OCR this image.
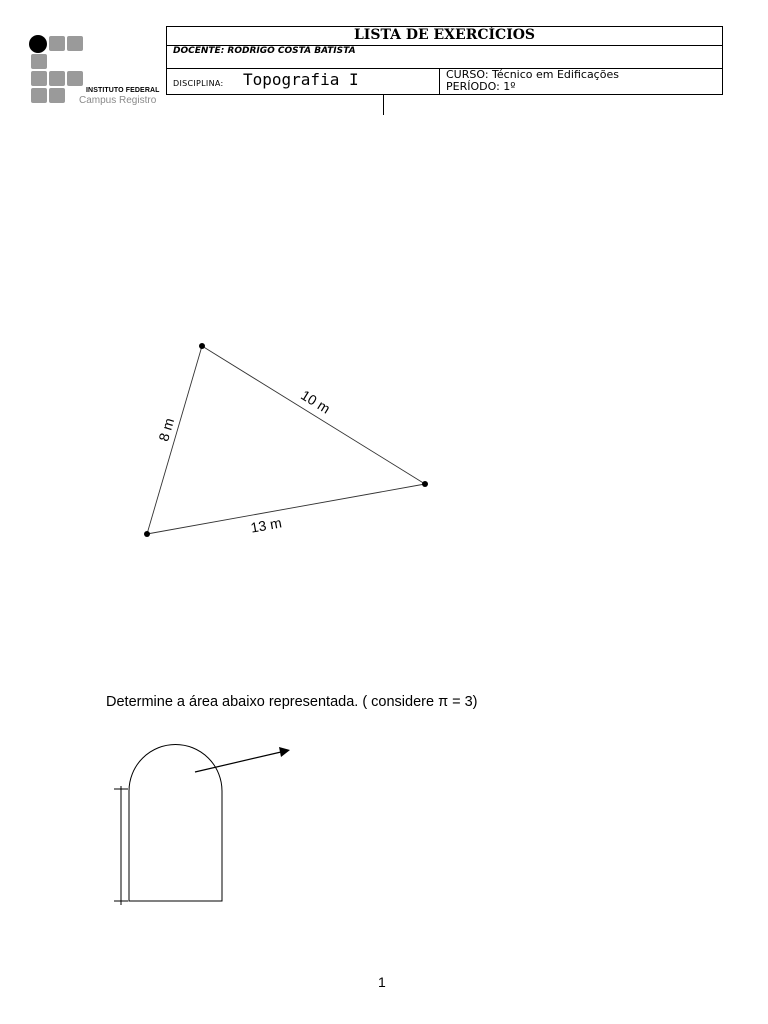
INSTITUTO FEDERAL
Campus Registro
LISTA DE EXERCÍCIOS
DOCENTE: RODRIGO COSTA BATISTA
DISCIPLINA: Topografia I	CURSO: Técnico em Edificações
PERÍODO: 1º
10 m
8 m
13 m
Determine a área abaixo representada. ( considere π = 3)
1
